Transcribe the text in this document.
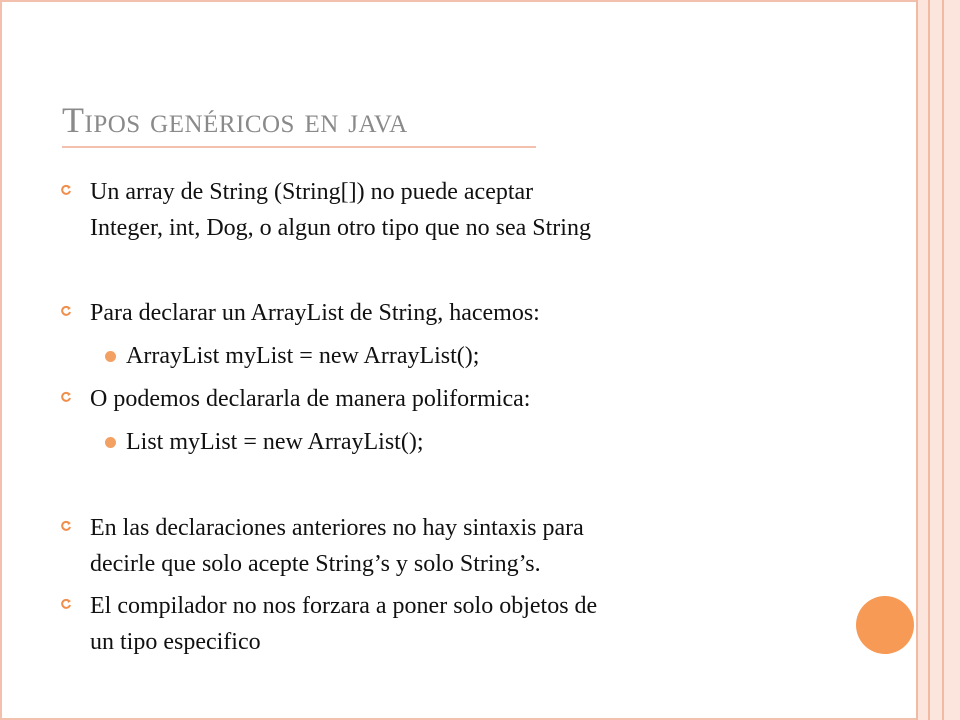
Tipos genéricos en java
Un array de String (String[]) no puede aceptar
Integer, int, Dog, o algun otro tipo que no sea String
Para declarar un ArrayList de String, hacemos:
ArrayList myList = new ArrayList();
O podemos declararla de manera poliformica:
List myList = new ArrayList();
En las declaraciones anteriores no hay sintaxis para
decirle que solo acepte String’s y solo String’s.
El compilador no nos forzara a poner solo objetos de
un tipo especifico
